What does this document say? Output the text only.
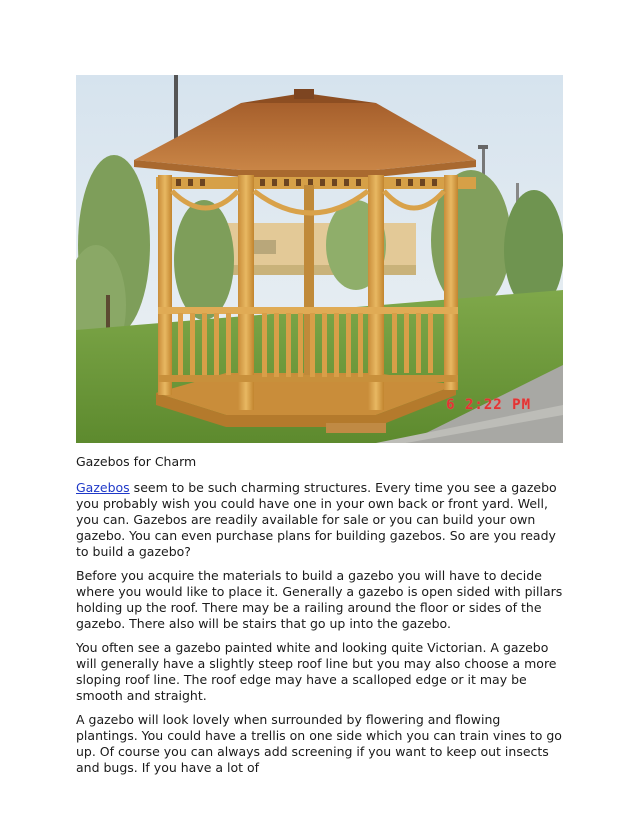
6 2:22 PM

Gazebos for Charm

Gazebos seem to be such charming structures. Every time you see a gazebo you probably wish you could have one in your own back or front yard. Well, you can. Gazebos are readily available for sale or you can build your own gazebo. You can even purchase plans for building gazebos. So are you ready to build a gazebo?

Before you acquire the materials to build a gazebo you will have to decide where you would like to place it. Generally a gazebo is open sided with pillars holding up the roof. There may be a railing around the floor or sides of the gazebo. There also will be stairs that go up into the gazebo.

You often see a gazebo painted white and looking quite Victorian. A gazebo will generally have a slightly steep roof line but you may also choose a more sloping roof line. The roof edge may have a scalloped edge or it may be smooth and straight.

A gazebo will look lovely when surrounded by flowering and flowing plantings. You could have a trellis on one side which you can train vines to go up. Of course you can always add screening if you want to keep out insects and bugs. If you have a lot of
